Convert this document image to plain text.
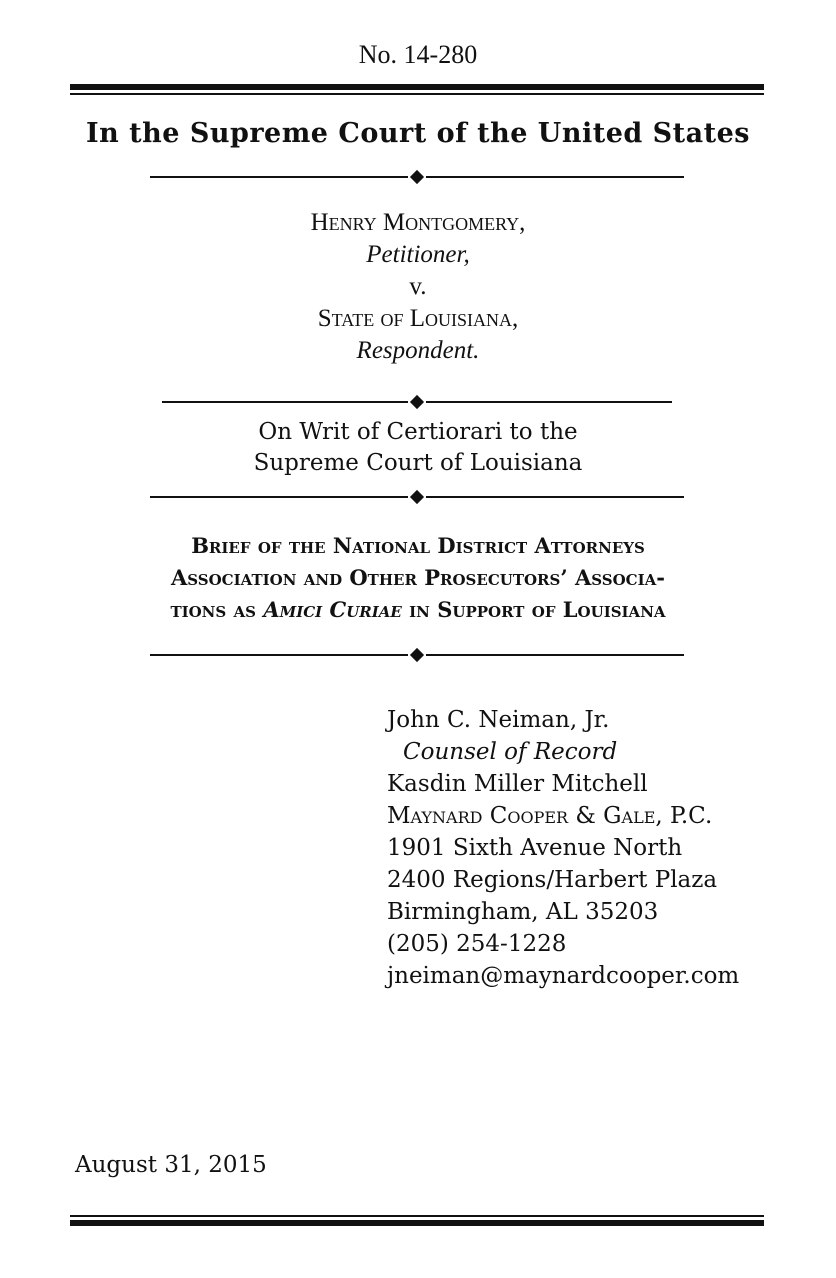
No. 14-280
In the Supreme Court of the United States
Henry Montgomery,
Petitioner,
v.
State of Louisiana,
Respondent.
On Writ of Certiorari to the
Supreme Court of Louisiana
Brief of the National District Attorneys
Association and Other Prosecutors’ Associa-
tions as Amici Curiae in Support of Louisiana
John C. Neiman, Jr.
Counsel of Record
Kasdin Miller Mitchell
Maynard Cooper & Gale, P.C.
1901 Sixth Avenue North
2400 Regions/Harbert Plaza
Birmingham, AL 35203
(205) 254-1228
jneiman@maynardcooper.com
August 31, 2015
